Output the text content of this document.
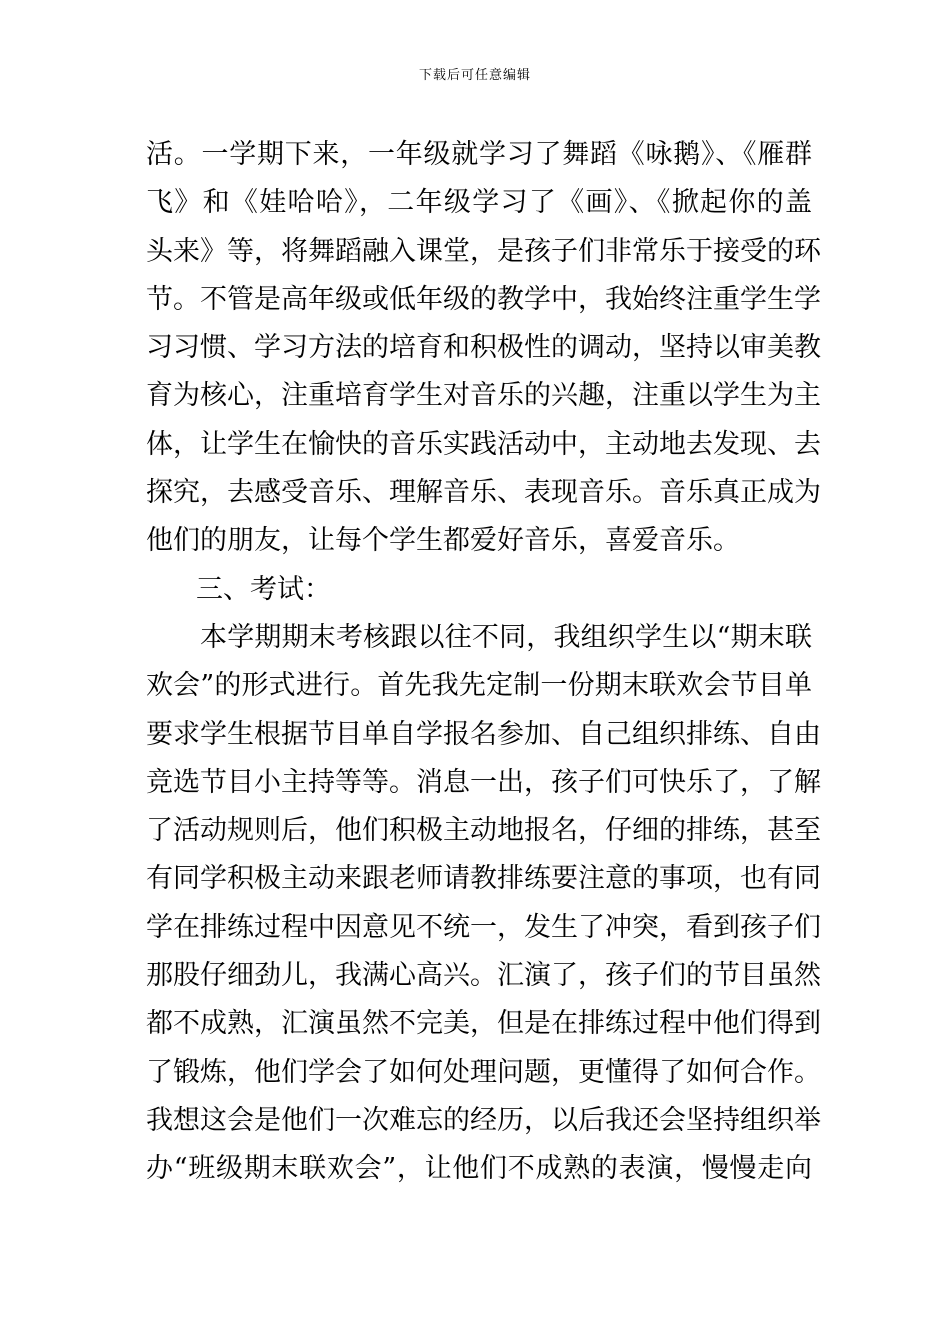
下载后可任意编辑
活。一学期下来，一年级就学习了舞蹈《咏鹅》、《雁群
飞》和《娃哈哈》，二年级学习了《画》、《掀起你的盖
头来》等，将舞蹈融入课堂，是孩子们非常乐于接受的环
节。不管是高年级或低年级的教学中，我始终注重学生学
习习惯、学习方法的培育和积极性的调动，坚持以审美教
育为核心，注重培育学生对音乐的兴趣，注重以学生为主
体，让学生在愉快的音乐实践活动中，主动地去发现、去
探究，去感受音乐、理解音乐、表现音乐。音乐真正成为
他们的朋友，让每个学生都爱好音乐，喜爱音乐。
三、考试：
本学期期末考核跟以往不同，我组织学生以“期末联
欢会”的形式进行。首先我先定制一份期末联欢会节目单
要求学生根据节目单自学报名参加、自己组织排练、自由
竞选节目小主持等等。消息一出，孩子们可快乐了，了解
了活动规则后，他们积极主动地报名，仔细的排练，甚至
有同学积极主动来跟老师请教排练要注意的事项，也有同
学在排练过程中因意见不统一，发生了冲突，看到孩子们
那股仔细劲儿，我满心高兴。汇演了，孩子们的节目虽然
都不成熟，汇演虽然不完美，但是在排练过程中他们得到
了锻炼，他们学会了如何处理问题，更懂得了如何合作。
我想这会是他们一次难忘的经历，以后我还会坚持组织举
办“班级期末联欢会”，让他们不成熟的表演，慢慢走向
